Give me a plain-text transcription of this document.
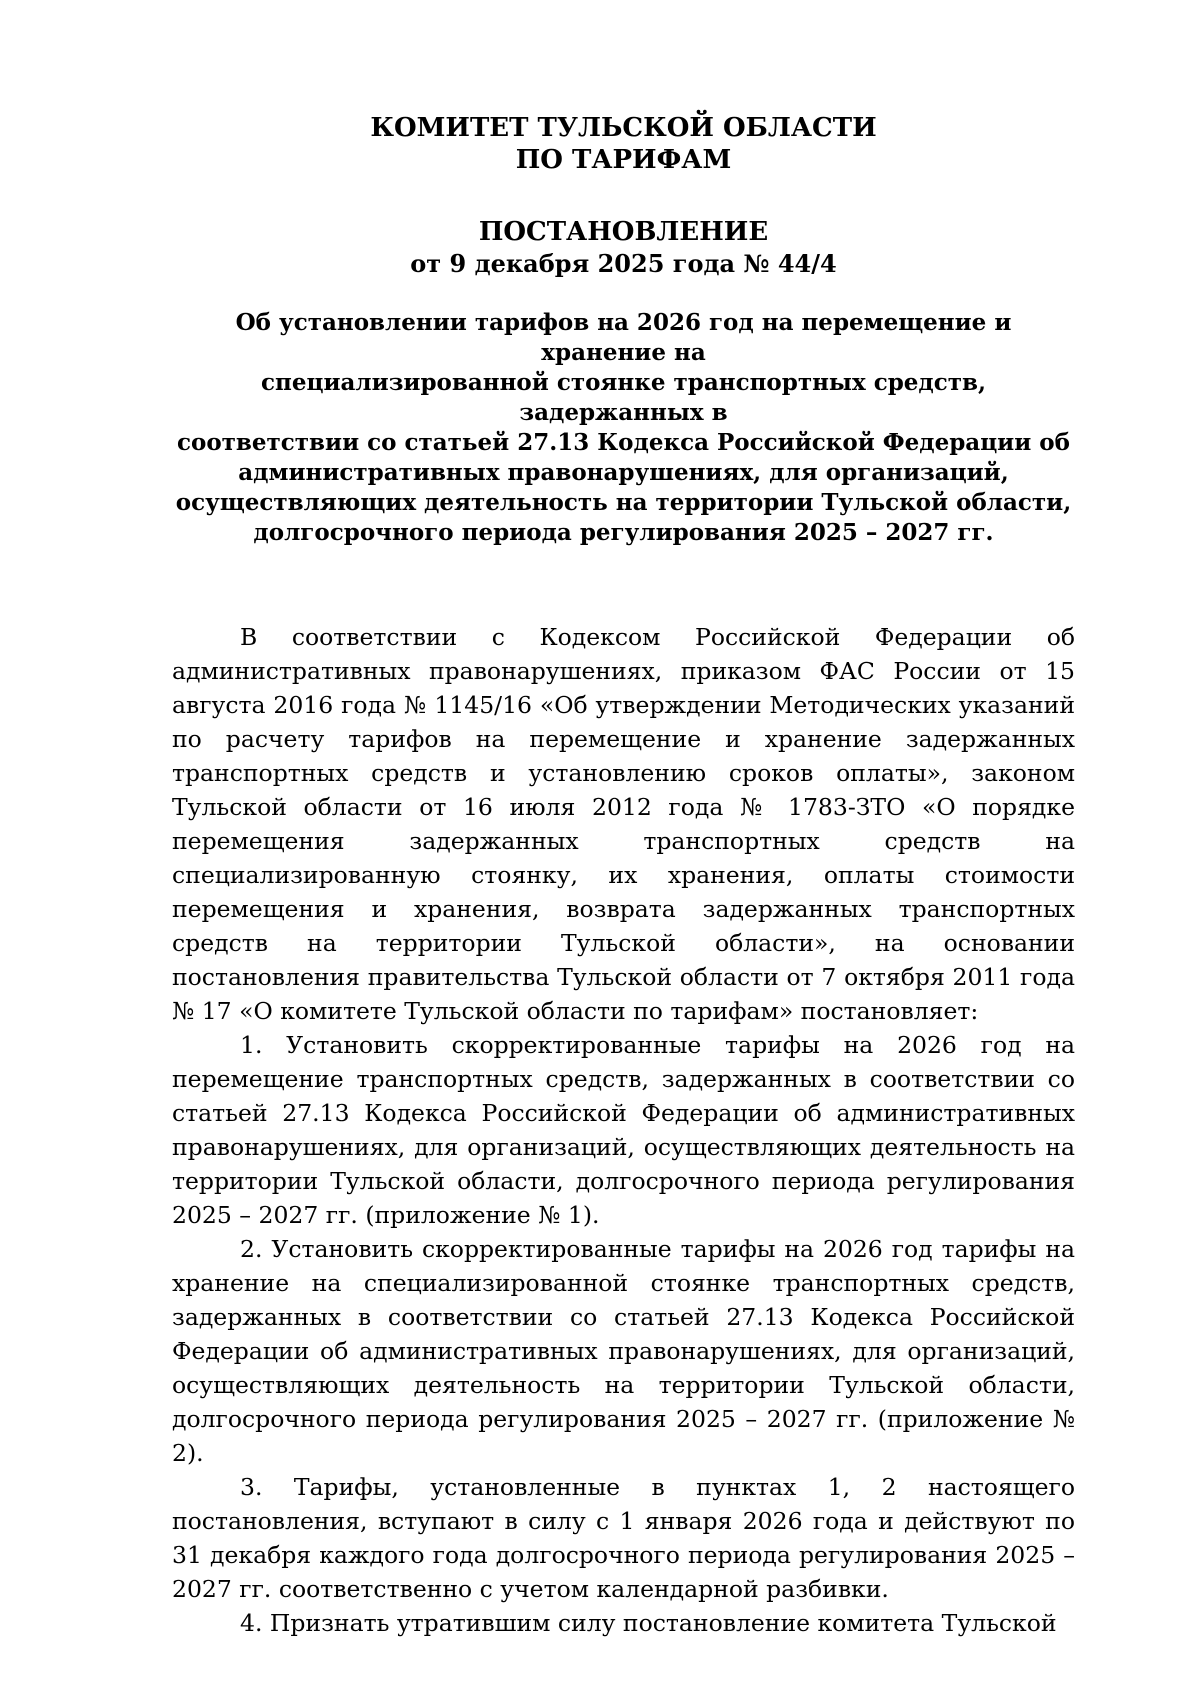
КОМИТЕТ ТУЛЬСКОЙ ОБЛАСТИ
ПО ТАРИФАМ
ПОСТАНОВЛЕНИЕ
от 9 декабря 2025 года № 44/4
Об установлении тарифов на 2026 год на перемещение и хранение на
специализированной стоянке транспортных средств, задержанных в
соответствии со статьей 27.13 Кодекса Российской Федерации об
административных правонарушениях, для организаций,
осуществляющих деятельность на территории Тульской области,
долгосрочного периода регулирования 2025 – 2027 гг.

В соответствии с Кодексом Российской Федерации об административных правонарушениях, приказом ФАС России от 15 августа 2016 года № 1145/16 «Об утверждении Методических указаний по расчету тарифов на перемещение и хранение задержанных транспортных средств и установлению сроков оплаты», законом Тульской области от 16 июля 2012 года № 1783-ЗТО «О порядке перемещения задержанных транспортных средств на специализированную стоянку, их хранения, оплаты стоимости перемещения и хранения, возврата задержанных транспортных средств на территории Тульской области», на основании постановления правительства Тульской области от 7 октября 2011 года № 17 «О комитете Тульской области по тарифам» постановляет:

1. Установить скорректированные тарифы на 2026 год на перемещение транспортных средств, задержанных в соответствии со статьей 27.13 Кодекса Российской Федерации об административных правонарушениях, для организаций, осуществляющих деятельность на территории Тульской области, долгосрочного периода регулирования 2025 – 2027 гг. (приложение № 1).

2. Установить скорректированные тарифы на 2026 год тарифы на хранение на специализированной стоянке транспортных средств, задержанных в соответствии со статьей 27.13 Кодекса Российской Федерации об административных правонарушениях, для организаций, осуществляющих деятельность на территории Тульской области, долгосрочного периода регулирования 2025 – 2027 гг. (приложение № 2).

3. Тарифы, установленные в пунктах 1, 2 настоящего постановления, вступают в силу с 1 января 2026 года и действуют по 31 декабря каждого года долгосрочного периода регулирования 2025 – 2027 гг. соответственно с учетом календарной разбивки.

4. Признать утратившим силу постановление комитета Тульской
